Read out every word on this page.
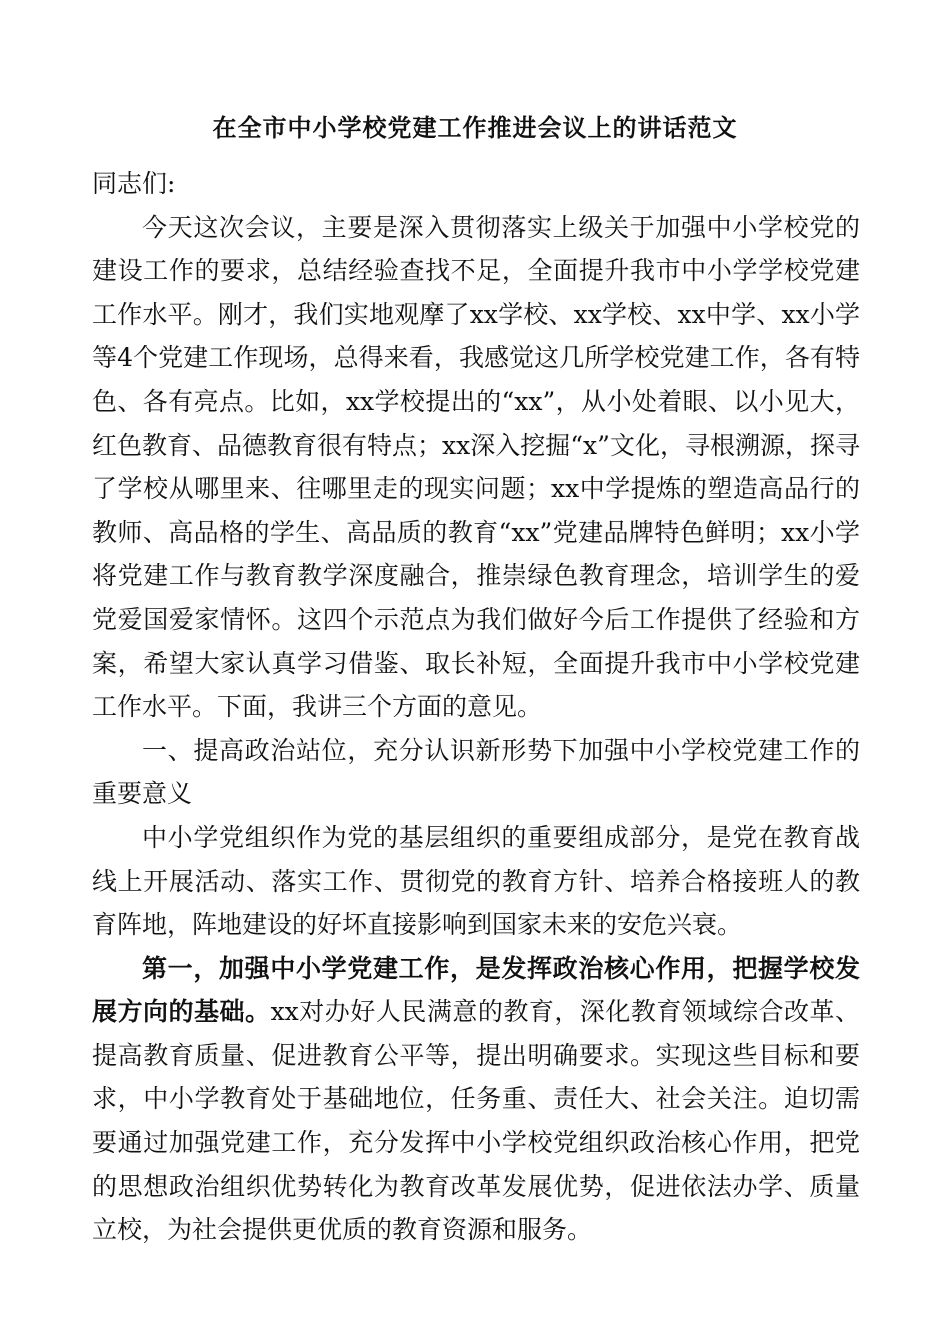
在全市中小学校党建工作推进会议上的讲话范文

同志们:

今天这次会议，主要是深入贯彻落实上级关于加强中小学校党的建设工作的要求，总结经验查找不足，全面提升我市中小学学校党建工作水平。刚才，我们实地观摩了xx学校、xx学校、xx中学、xx小学等4个党建工作现场，总得来看，我感觉这几所学校党建工作，各有特色、各有亮点。比如，xx学校提出的“xx”，从小处着眼、以小见大，红色教育、品德教育很有特点；xx深入挖掘“x”文化，寻根溯源，探寻了学校从哪里来、往哪里走的现实问题；xx中学提炼的塑造高品行的教师、高品格的学生、高品质的教育“xx”党建品牌特色鲜明；xx小学将党建工作与教育教学深度融合，推崇绿色教育理念，培训学生的爱党爱国爱家情怀。这四个示范点为我们做好今后工作提供了经验和方案，希望大家认真学习借鉴、取长补短，全面提升我市中小学校党建工作水平。下面，我讲三个方面的意见。

一、提高政治站位，充分认识新形势下加强中小学校党建工作的重要意义

中小学党组织作为党的基层组织的重要组成部分，是党在教育战线上开展活动、落实工作、贯彻党的教育方针、培养合格接班人的教育阵地，阵地建设的好坏直接影响到国家未来的安危兴衰。

第一，加强中小学党建工作，是发挥政治核心作用，把握学校发展方向的基础。xx对办好人民满意的教育，深化教育领域综合改革、提高教育质量、促进教育公平等，提出明确要求。实现这些目标和要求，中小学教育处于基础地位，任务重、责任大、社会关注。迫切需要通过加强党建工作，充分发挥中小学校党组织政治核心作用，把党的思想政治组织优势转化为教育改革发展优势，促进依法办学、质量立校，为社会提供更优质的教育资源和服务。
